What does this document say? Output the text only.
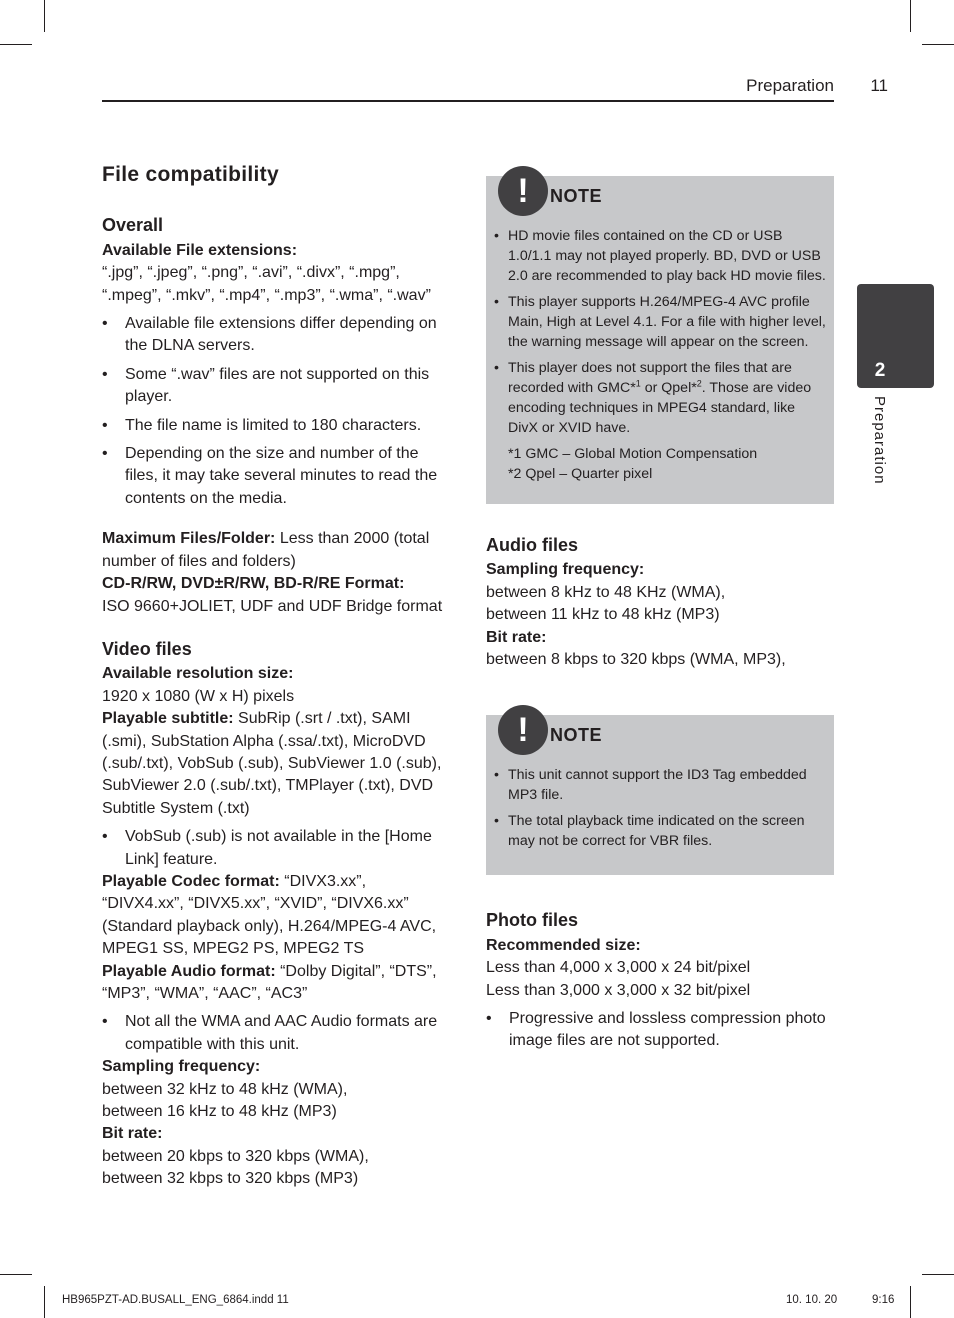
Preparation	11
2
Preparation
File compatibility
Overall

Available File extensions:

“.jpg”, “.jpeg”, “.png”, “.avi”, “.divx”, “.mpg”, “.mpeg”, “.mkv”, “.mp4”, “.mp3”, “.wma”, “.wav”

• Available file extensions differ depending on the DLNA servers.
• Some “.wav” files are not supported on this player.
• The file name is limited to 180 characters.
• Depending on the size and number of the files, it may take several minutes to read the contents on the media.

Maximum Files/Folder: Less than 2000 (total number of files and folders)

CD-R/RW, DVD±R/RW, BD-R/RE Format:

ISO 9660+JOLIET, UDF and UDF Bridge format

Video files

Available resolution size:

1920 x 1080 (W x H) pixels

Playable subtitle: SubRip (.srt / .txt), SAMI (.smi), SubStation Alpha (.ssa/.txt), MicroDVD (.sub/.txt), VobSub (.sub), SubViewer 1.0 (.sub), SubViewer 2.0 (.sub/.txt), TMPlayer (.txt), DVD Subtitle System (.txt)

• VobSub (.sub) is not available in the [Home Link] feature.

Playable Codec format: “DIVX3.xx”, “DIVX4.xx”, “DIVX5.xx”, “XVID”, “DIVX6.xx” (Standard playback only), H.264/MPEG-4 AVC, MPEG1 SS, MPEG2 PS, MPEG2 TS

Playable Audio format: “Dolby Digital”, “DTS”, “MP3”, “WMA”, “AAC”, “AC3”

• Not all the WMA and AAC Audio formats are compatible with this unit.

Sampling frequency:

between 32 kHz to 48 kHz (WMA),

between 16 kHz to 48 kHz (MP3)

Bit rate:

between 20 kbps to 320 kbps (WMA),

between 32 kbps to 320 kbps (MP3)

!	NOTE
• HD movie files contained on the CD or USB 1.0/1.1 may not played properly. BD, DVD or USB 2.0 are recommended to play back HD movie files.
• This player supports H.264/MPEG-4 AVC profile Main, High at Level 4.1. For a file with higher level, the warning message will appear on the screen.
• This player does not support the files that are recorded with GMC*$^1$ or Qpel*$^2$. Those are video encoding techniques in MPEG4 standard, like DivX or XVID have.
*1 GMC – Global Motion Compensation
*2 Qpel – Quarter pixel
Audio files

Sampling frequency:

between 8 kHz to 48 KHz (WMA),

between 11 kHz to 48 kHz (MP3)

Bit rate:

between 8 kbps to 320 kbps (WMA, MP3),

!	NOTE
• This unit cannot support the ID3 Tag embedded MP3 file.
• The total playback time indicated on the screen may not be correct for VBR files.
Photo files

Recommended size:

Less than 4,000 x 3,000 x 24 bit/pixel

Less than 3,000 x 3,000 x 32 bit/pixel

• Progressive and lossless compression photo image files are not supported.
HB965PZT-AD.BUSALL_ENG_6864.indd 11	10. 10. 20	9:16
